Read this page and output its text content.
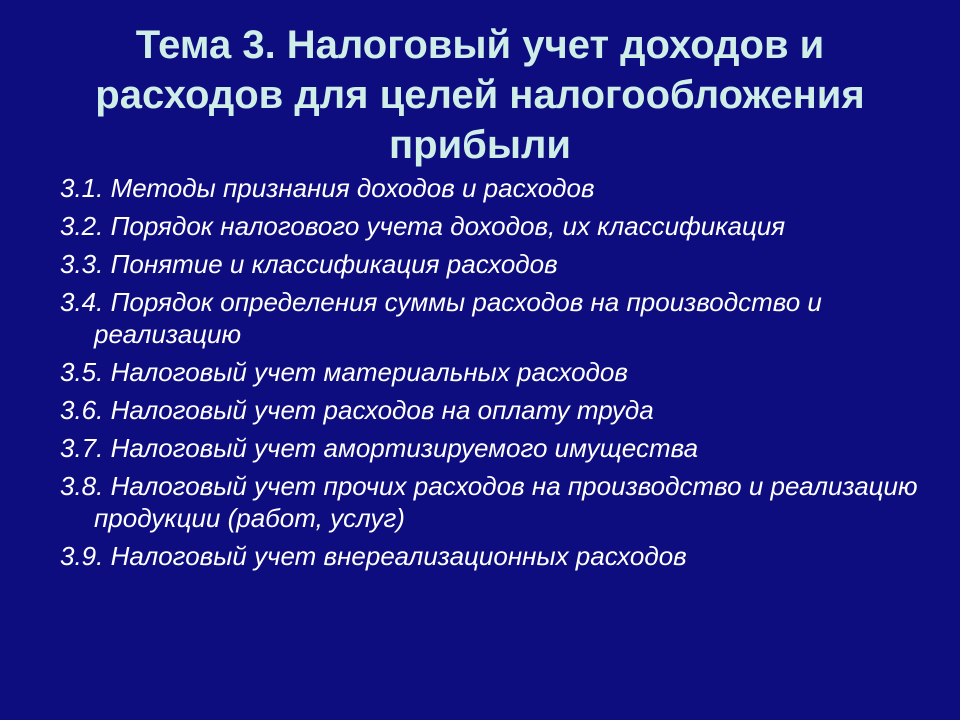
Тема 3. Налоговый учет доходов и
расходов для целей налогообложения
прибыли
3.1. Методы признания доходов и расходов
3.2. Порядок налогового учета доходов, их классификация
3.3. Понятие и классификация расходов
3.4. Порядок определения суммы расходов на производство и реализацию
3.5. Налоговый учет материальных расходов
3.6. Налоговый учет расходов на оплату труда
3.7. Налоговый учет амортизируемого имущества
3.8. Налоговый учет прочих расходов на производство и реализацию продукции (работ, услуг)
3.9. Налоговый учет внереализационных расходов
